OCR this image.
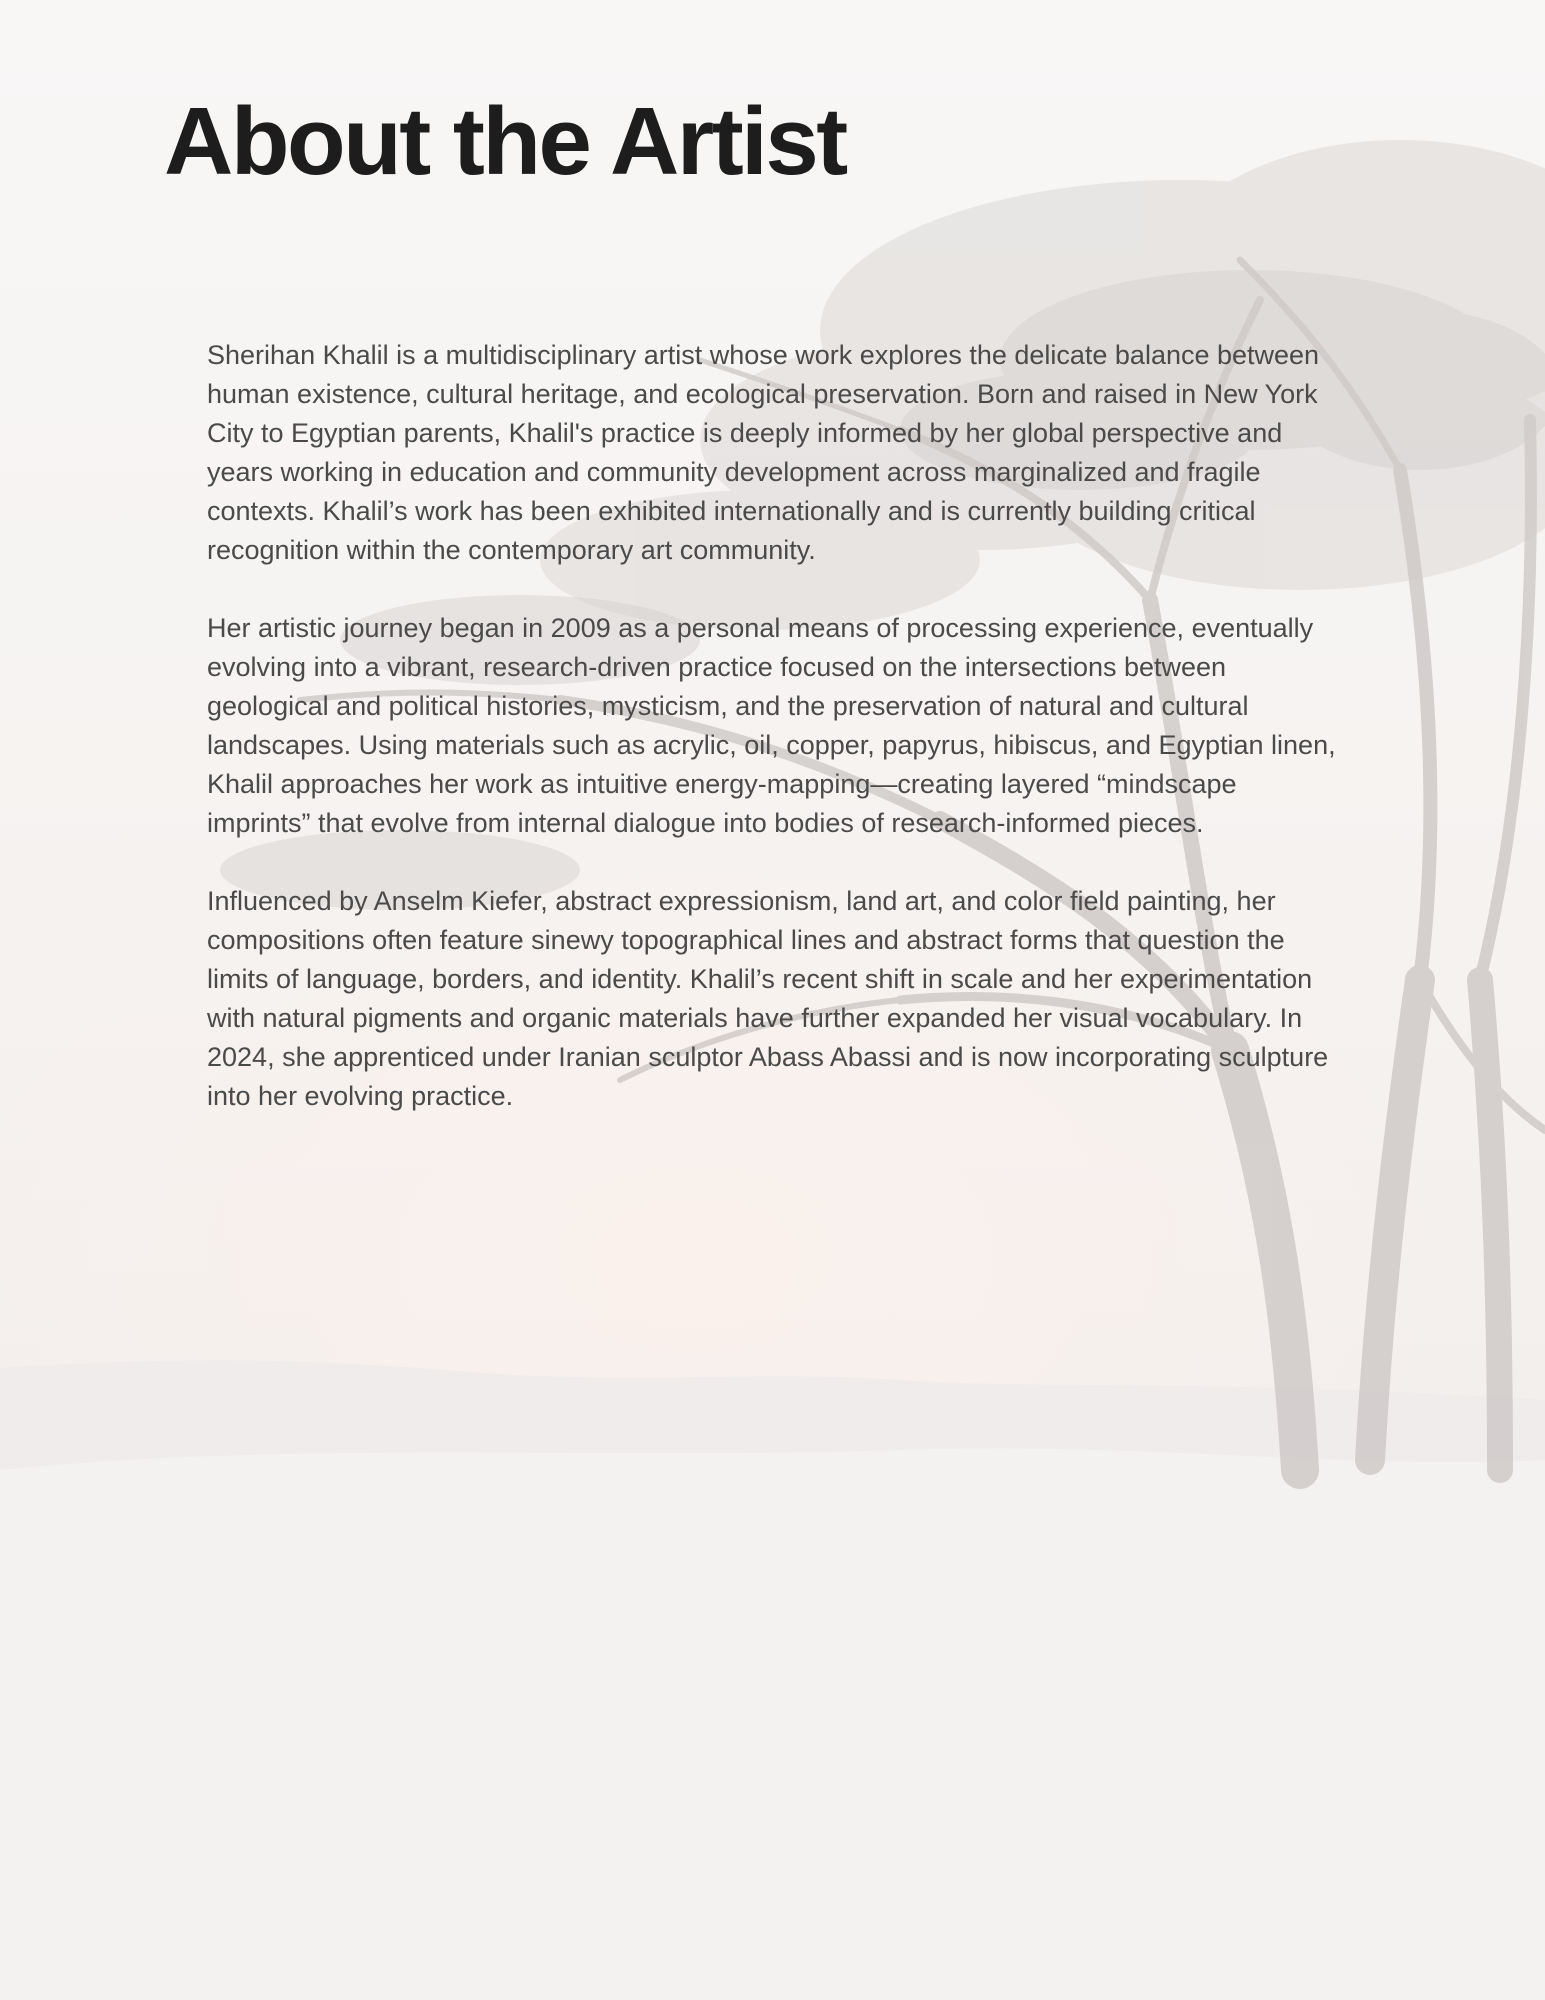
About the Artist

Sherihan Khalil is a multidisciplinary artist whose work explores the delicate balance between human existence, cultural heritage, and ecological preservation. Born and raised in New York City to Egyptian parents, Khalil's practice is deeply informed by her global perspective and years working in education and community development across marginalized and fragile contexts. Khalil’s work has been exhibited internationally and is currently building critical recognition within the contemporary art community.

Her artistic journey began in 2009 as a personal means of processing experience, eventually evolving into a vibrant, research-driven practice focused on the intersections between geological and political histories, mysticism, and the preservation of natural and cultural landscapes. Using materials such as acrylic, oil, copper, papyrus, hibiscus, and Egyptian linen, Khalil approaches her work as intuitive energy-mapping—creating layered “mindscape imprints” that evolve from internal dialogue into bodies of research-informed pieces.

Influenced by Anselm Kiefer, abstract expressionism, land art, and color field painting, her compositions often feature sinewy topographical lines and abstract forms that question the limits of language, borders, and identity. Khalil’s recent shift in scale and her experimentation with natural pigments and organic materials have further expanded her visual vocabulary. In 2024, she apprenticed under Iranian sculptor Abass Abassi and is now incorporating sculpture into her evolving practice.
